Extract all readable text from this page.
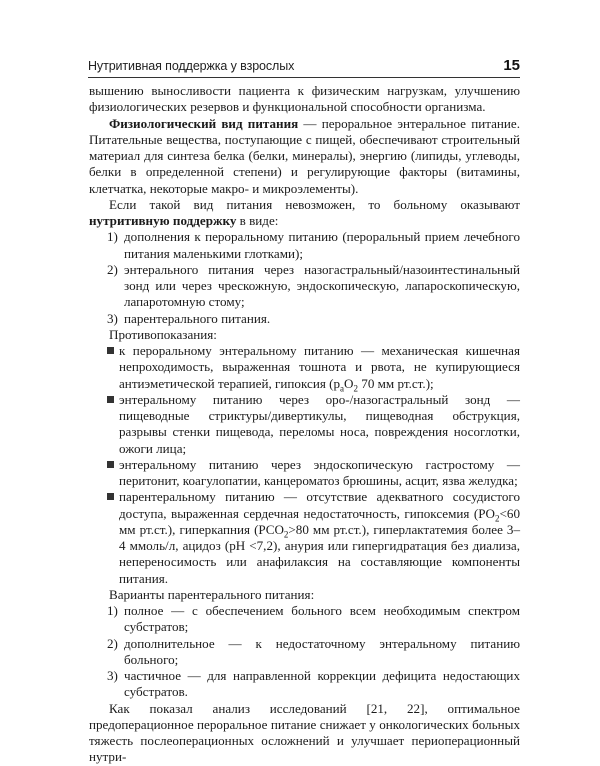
Нутритивная поддержка у взрослых	15

вышению выносливости пациента к физическим нагрузкам, улучшению физиологических резервов и функциональной способности организма.

Физиологический вид питания — пероральное энтеральное питание. Питательные вещества, поступающие с пищей, обеспечивают строительный материал для синтеза белка (белки, минералы), энергию (липиды, углеводы, белки в определенной степени) и регулирующие факторы (витамины, клетчатка, некоторые макро- и микроэлементы).

Если такой вид питания невозможен, то больному оказывают нутритивную поддержку в виде:

1) дополнения к пероральному питанию (пероральный прием лечебного питания маленькими глотками);
2) энтерального питания через назогастральный/назоинтестинальный зонд или через чрескожную, эндоскопическую, лапароскопическую, лапаротомную стому;
3) парентерального питания.

Противопоказания:

к пероральному энтеральному питанию — механическая кишечная непроходимость, выраженная тошнота и рвота, не купирующиеся антиэметической терапией, гипоксия ($p_aO_2$ 70 мм рт.ст.);
энтеральному питанию через оро-/назогастральный зонд — пищеводные стриктуры/дивертикулы, пищеводная обструкция, разрывы стенки пищевода, переломы носа, повреждения носоглотки, ожоги лица;
энтеральному питанию через эндоскопическую гастростому — перитонит, коагулопатии, канцероматоз брюшины, асцит, язва желудка;
парентеральному питанию — отсутствие адекватного сосудистого доступа, выраженная сердечная недостаточность, гипоксемия ($PO_2<60$ мм рт.ст.), гиперкапния ($PCO_2>80$ мм рт.ст.), гиперлактатемия более 3–4 ммоль/л, ацидоз (pH <7,2), анурия или гипергидратация без диализа, непереносимость или анафилаксия на составляющие компоненты питания.

Варианты парентерального питания:

1) полное — с обеспечением больного всем необходимым спектром субстратов;
2) дополнительное — к недостаточному энтеральному питанию больного;
3) частичное — для направленной коррекции дефицита недостающих субстратов.

Как показал анализ исследований [21, 22], оптимальное предоперационное пероральное питание снижает у онкологических больных тяжесть послеоперационных осложнений и улучшает периоперационный нутри-
